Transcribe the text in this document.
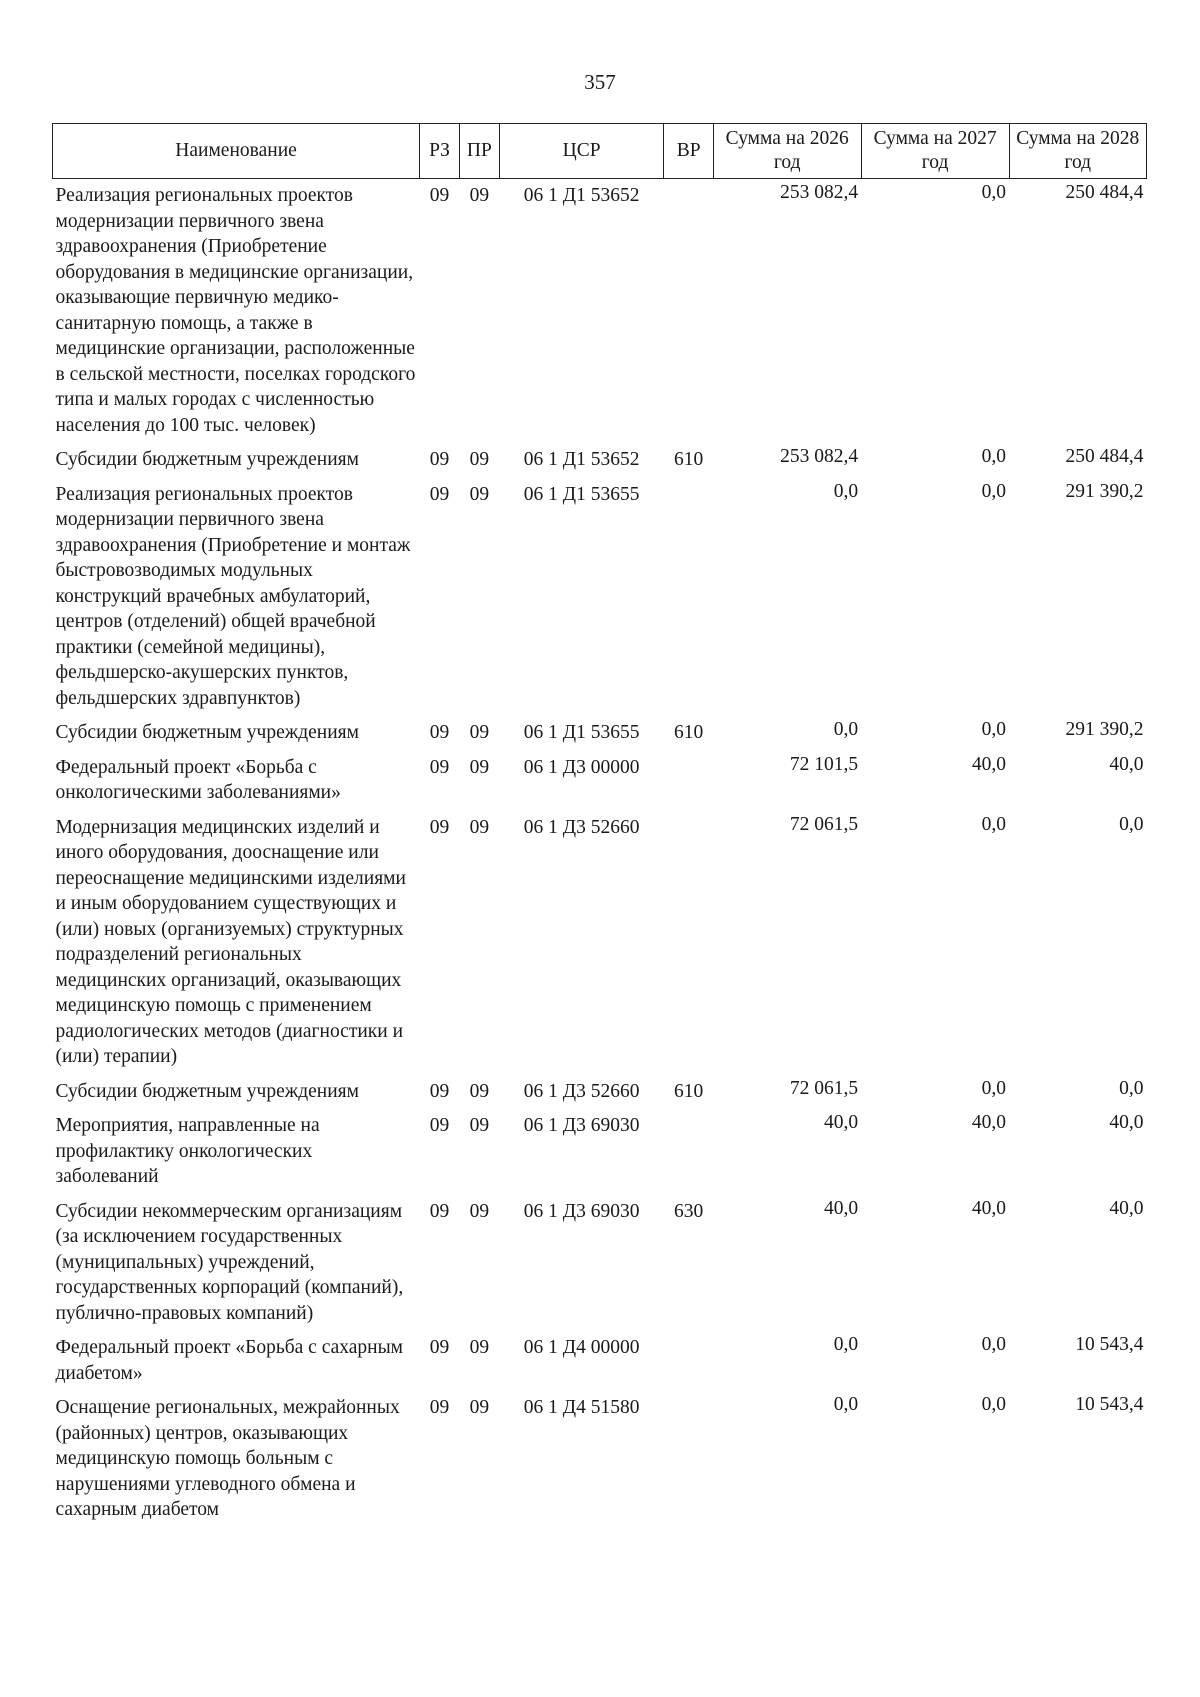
357
Наименование	РЗ	ПР	ЦСР	ВР	Сумма на 2026 год	Сумма на 2027 год	Сумма на 2028 год
Реализация региональных проектов модернизации первичного звена здравоохранения (Приобретение оборудования в медицинские организации, оказывающие первичную медико-санитарную помощь, а также в медицинские организации, расположенные в сельской местности, поселках городского типа и малых городах с численностью населения до 100 тыс. человек)	09	09	06 1 Д1 53652		253 082,4	0,0	250 484,4
Субсидии бюджетным учреждениям	09	09	06 1 Д1 53652	610	253 082,4	0,0	250 484,4
Реализация региональных проектов модернизации первичного звена здравоохранения (Приобретение и монтаж быстровозводимых модульных конструкций врачебных амбулаторий, центров (отделений) общей врачебной практики (семейной медицины), фельдшерско-акушерских пунктов, фельдшерских здравпунктов)	09	09	06 1 Д1 53655		0,0	0,0	291 390,2
Субсидии бюджетным учреждениям	09	09	06 1 Д1 53655	610	0,0	0,0	291 390,2
Федеральный проект «Борьба с онкологическими заболеваниями»	09	09	06 1 Д3 00000		72 101,5	40,0	40,0
Модернизация медицинских изделий и иного оборудования, дооснащение или переоснащение медицинскими изделиями и иным оборудованием существующих и (или) новых (организуемых) структурных подразделений региональных медицинских организаций, оказывающих медицинскую помощь с применением радиологических методов (диагностики и (или) терапии)	09	09	06 1 Д3 52660		72 061,5	0,0	0,0
Субсидии бюджетным учреждениям	09	09	06 1 Д3 52660	610	72 061,5	0,0	0,0
Мероприятия, направленные на профилактику онкологических заболеваний	09	09	06 1 Д3 69030		40,0	40,0	40,0
Субсидии некоммерческим организациям (за исключением государственных (муниципальных) учреждений, государственных корпораций (компаний), публично-правовых компаний)	09	09	06 1 Д3 69030	630	40,0	40,0	40,0
Федеральный проект «Борьба с сахарным диабетом»	09	09	06 1 Д4 00000		0,0	0,0	10 543,4
Оснащение региональных, межрайонных (районных) центров, оказывающих медицинскую помощь больным с нарушениями углеводного обмена и сахарным диабетом	09	09	06 1 Д4 51580		0,0	0,0	10 543,4
